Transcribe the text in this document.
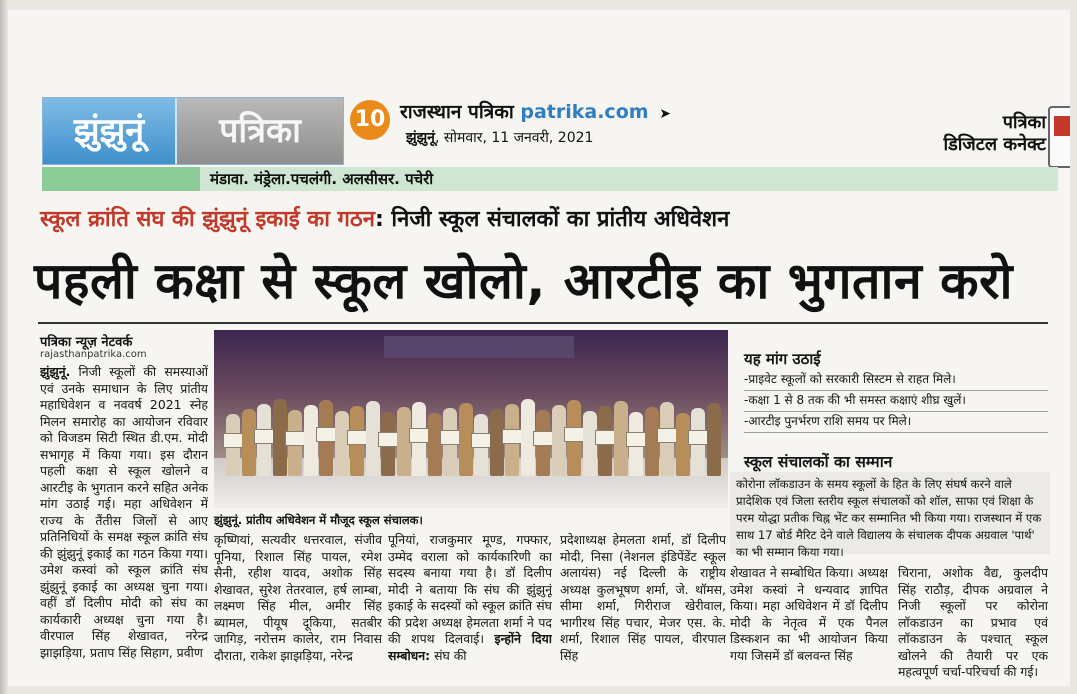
झुंझुनूं	पत्रिका	10 राजस्थान पत्रिका patrika.com ➤
झुंझुनूं, सोमवार, 11 जनवरी, 2021
पत्रिका
डिजिटल कनेक्ट
मंडावा. मंड्रेला.पचलंगी. अलसीसर. पचेरी
स्कूल क्रांति संघ की झुंझुनूं इकाई का गठन: निजी स्कूल संचालकों का प्रांतीय अधिवेशन
पहली कक्षा से स्कूल खोलो, आरटीइ का भुगतान करो
पत्रिका न्यूज़ नेटवर्क
rajasthanpatrika.com
झुंझुनूं. निजी स्कूलों की समस्याओं एवं उनके समाधान के लिए प्रांतीय महाधिवेशन व नववर्ष 2021 स्नेह मिलन समारोह का आयोजन रविवार को विजडम सिटी स्थित डी.एम. मोदी सभागृह में किया गया। इस दौरान पहली कक्षा से स्कूल खोलने व आरटीइ के भुगतान करने सहित अनेक मांग उठाई गई। महा अधिवेशन में राज्य के तैंतीस जिलों से आए प्रतिनिधियों के समक्ष स्कूल क्रांति संघ की झुंझुनूं इकाई का गठन किया गया। उमेश कस्वां को स्कूल क्रांति संघ झुंझुनूं इकाई का अध्यक्ष चुना गया। वहीं डॉ दिलीप मोदी को संघ का कार्यकारी अध्यक्ष चुना गया है। वीरपाल सिंह शेखावत, नरेन्द्र झाझड़िया, प्रताप सिंह सिहाग, प्रवीण
झुंझुनूं. प्रांतीय अधिवेशन में मौजूद स्कूल संचालक।
कृष्णियां, सत्यवीर धत्तरवाल, संजीव पूनिया, रिशाल सिंह पायल, रमेश सैनी, रहीश यादव, अशोक सिंह शेखावत, सुरेश तेतरवाल, हर्ष लाम्बा, लक्ष्मण सिंह मील, अमीर सिंह ब्यामल, पीयूष दूकिया, सतबीर जागिड़, नरोत्तम कालेर, राम निवास दौराता, राकेश झाझड़िया, नरेन्द्र
पूनियां, राजकुमार मूण्ड, गफ्फार, उम्मेद वराला को कार्यकारिणी का सदस्य बनाया गया है। डॉ दिलीप मोदी ने बताया कि संघ की झुंझुनूं इकाई के सदस्यों को स्कूल क्रांति संघ की प्रदेश अध्यक्ष हेमलता शर्मा ने पद की शपथ दिलवाई। इन्होंने दिया सम्बोधन: संघ की
प्रदेशाध्यक्ष हेमलता शर्मा, डॉ दिलीप मोदी, निसा (नेशनल इंडिपेंडेंट स्कूल अलायंस) नई दिल्ली के राष्ट्रीय अध्यक्ष कुलभूषण शर्मा, जे. थॉमस, सीमा शर्मा, गिरीराज खेरीवाल, भागीरथ सिंह पचार, मेजर एस. के. शर्मा, रिशाल सिंह पायल, वीरपाल सिंह
यह मांग उठाई
-प्राइवेट स्कूलों को सरकारी सिस्टम से राहत मिले।
-कक्षा 1 से 8 तक की भी समस्त कक्षाएं शीघ्र खुलें।
-आरटीइ पुनर्भरण राशि समय पर मिले।
स्कूल संचालकों का सम्मान
कोरोना लॉकडाउन के समय स्कूलों के हित के लिए संघर्ष करने वाले प्रादेशिक एवं जिला स्तरीय स्कूल संचालकों को शॉल, साफा एवं शिक्षा के परम योद्धा प्रतीक चिह्न भेंट कर सम्मानित भी किया गया। राजस्थान में एक साथ 17 बोर्ड मैरिट देने वाले विद्यालय के संचालक दीपक अग्रवाल 'पार्थ' का भी सम्मान किया गया।
शेखावत ने सम्बोधित किया। अध्यक्ष उमेश कस्वां ने धन्यवाद ज्ञापित किया। महा अधिवेशन में डॉ दिलीप मोदी के नेतृत्व में एक पैनल डिस्कशन का भी आयोजन किया गया जिसमें डॉ बलवन्त सिंह
चिराना, अशोक वैद्य, कुलदीप सिंह राठौड़, दीपक अग्रवाल ने निजी स्कूलों पर कोरोना लॉकडाउन का प्रभाव एवं लॉकडाउन के पश्चात् स्कूल खोलने की तैयारी पर एक महत्वपूर्ण चर्चा-परिचर्चा की गई।
